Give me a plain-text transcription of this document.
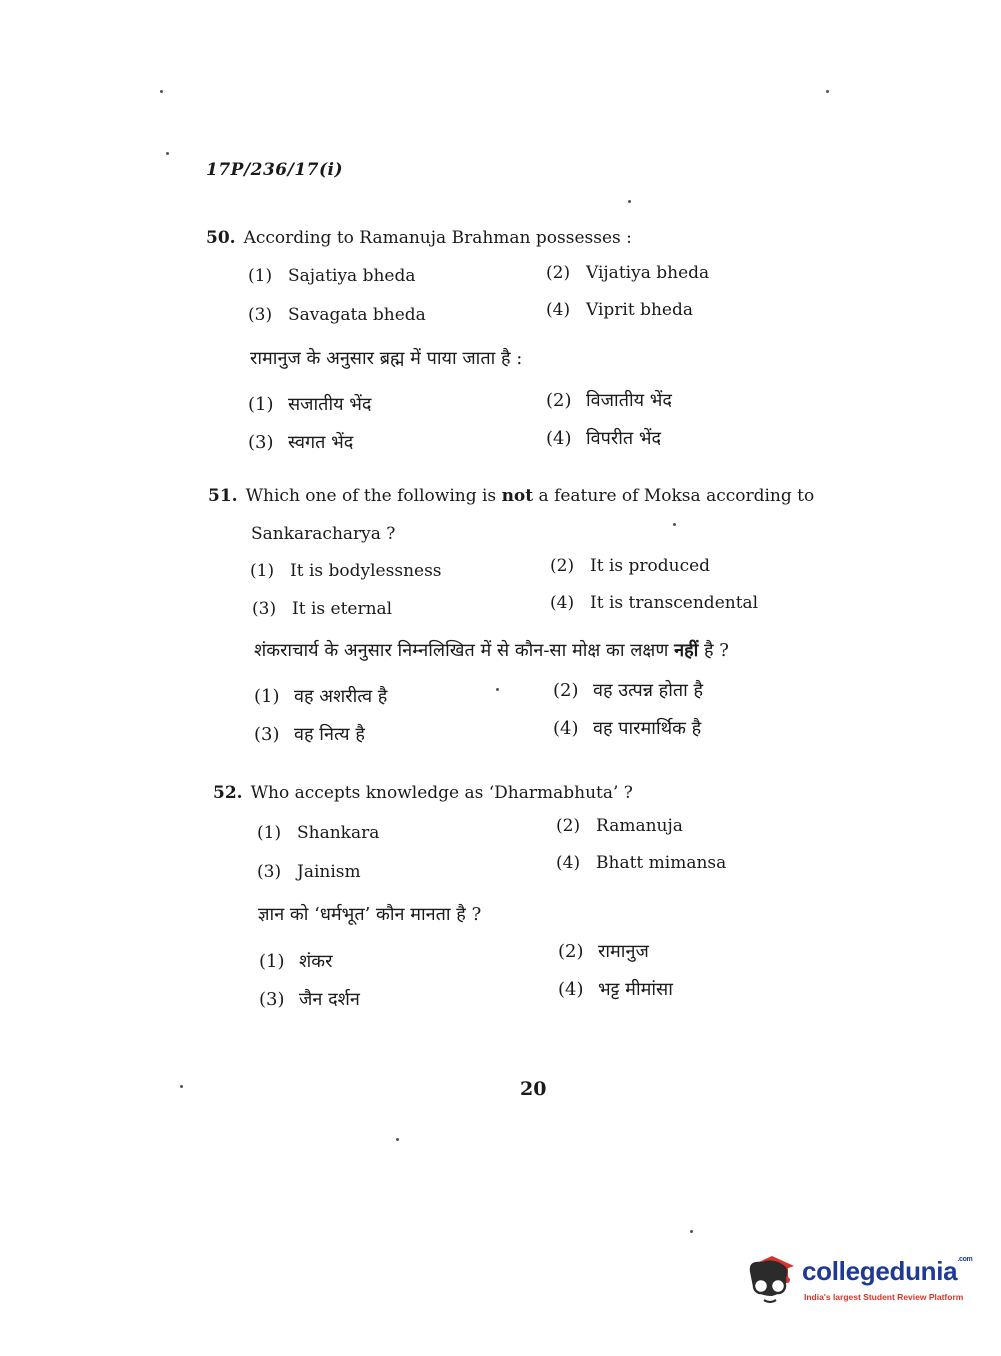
17P/236/17(i)
50. According to Ramanuja Brahman possesses :
(1) Sajatiya bheda	(2) Vijatiya bheda
(3) Savagata bheda	(4) Viprit bheda
रामानुज के अनुसार ब्रह्म में पाया जाता है :
(1) सजातीय भेंद	(2) विजातीय भेंद
(3) स्वगत भेंद	(4) विपरीत भेंद
51. Which one of the following is not a feature of Moksa according to
Sankaracharya ?
(1) It is bodylessness	(2) It is produced
(3) It is eternal	(4) It is transcendental
शंकराचार्य के अनुसार निम्नलिखित में से कौन-सा मोक्ष का लक्षण नहीं है ?
(1) वह अशरीत्व है	(2) वह उत्पन्न होता है
(3) वह नित्य है	(4) वह पारमार्थिक है
52. Who accepts knowledge as ‘Dharmabhuta’ ?
(1) Shankara	(2) Ramanuja
(3) Jainism	(4) Bhatt mimansa
ज्ञान को ‘धर्मभूत’ कौन मानता है ?
(1) शंकर	(2) रामानुज
(3) जैन दर्शन	(4) भट्ट मीमांसा
20
collegedunia$^{.com}$
India's largest Student Review Platform
